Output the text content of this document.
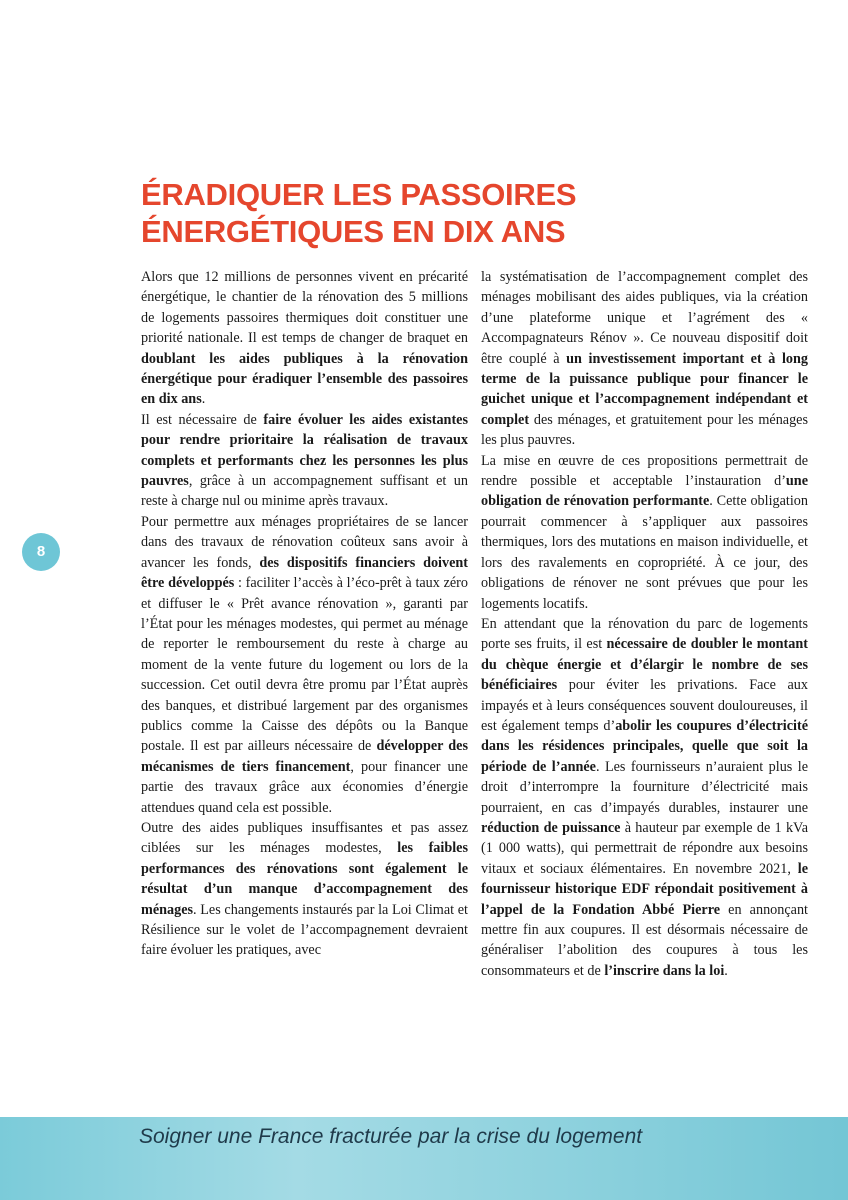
ÉRADIQUER LES PASSOIRES ÉNERGÉTIQUES EN DIX ANS

Alors que 12 millions de personnes vivent en précarité énergétique, le chantier de la rénovation des 5 millions de logements passoires thermiques doit constituer une priorité nationale. Il est temps de changer de braquet en doublant les aides publiques à la rénovation énergétique pour éradiquer l’ensemble des passoires en dix ans.

Il est nécessaire de faire évoluer les aides existantes pour rendre prioritaire la réalisation de travaux complets et performants chez les personnes les plus pauvres, grâce à un accompagnement suffisant et un reste à charge nul ou minime après travaux.

Pour permettre aux ménages propriétaires de se lancer dans des travaux de rénovation coûteux sans avoir à avancer les fonds, des dispositifs financiers doivent être développés : faciliter l’accès à l’éco-prêt à taux zéro et diffuser le « Prêt avance rénovation », garanti par l’État pour les ménages modestes, qui permet au ménage de reporter le remboursement du reste à charge au moment de la vente future du logement ou lors de la succession. Cet outil devra être promu par l’État auprès des banques, et distribué largement par des organismes publics comme la Caisse des dépôts ou la Banque postale. Il est par ailleurs nécessaire de développer des mécanismes de tiers financement, pour financer une partie des travaux grâce aux économies d’énergie attendues quand cela est possible.

Outre des aides publiques insuffisantes et pas assez ciblées sur les ménages modestes, les faibles performances des rénovations sont également le résultat d’un manque d’accompagnement des ménages. Les changements instaurés par la Loi Climat et Résilience sur le volet de l’accompagnement devraient faire évoluer les pratiques, avec

la systématisation de l’accompagnement complet des ménages mobilisant des aides publiques, via la création d’une plateforme unique et l’agrément des « Accompagnateurs Rénov ». Ce nouveau dispositif doit être couplé à un investissement important et à long terme de la puissance publique pour financer le guichet unique et l’accompagnement indépendant et complet des ménages, et gratuitement pour les ménages les plus pauvres.

La mise en œuvre de ces propositions permettrait de rendre possible et acceptable l’instauration d’une obligation de rénovation performante. Cette obligation pourrait commencer à s’appliquer aux passoires thermiques, lors des mutations en maison individuelle, et lors des ravalements en copropriété. À ce jour, des obligations de rénover ne sont prévues que pour les logements locatifs.

En attendant que la rénovation du parc de logements porte ses fruits, il est nécessaire de doubler le montant du chèque énergie et d’élargir le nombre de ses bénéficiaires pour éviter les privations. Face aux impayés et à leurs conséquences souvent douloureuses, il est également temps d’abolir les coupures d’électricité dans les résidences principales, quelle que soit la période de l’année. Les fournisseurs n’auraient plus le droit d’interrompre la fourniture d’électricité mais pourraient, en cas d’impayés durables, instaurer une réduction de puissance à hauteur par exemple de 1 kVa (1 000 watts), qui permettrait de répondre aux besoins vitaux et sociaux élémentaires. En novembre 2021, le fournisseur historique EDF répondait positivement à l’appel de la Fondation Abbé Pierre en annonçant mettre fin aux coupures. Il est désormais nécessaire de généraliser l’abolition des coupures à tous les consommateurs et de l’inscrire dans la loi.

8

Soigner une France fracturée par la crise du logement
